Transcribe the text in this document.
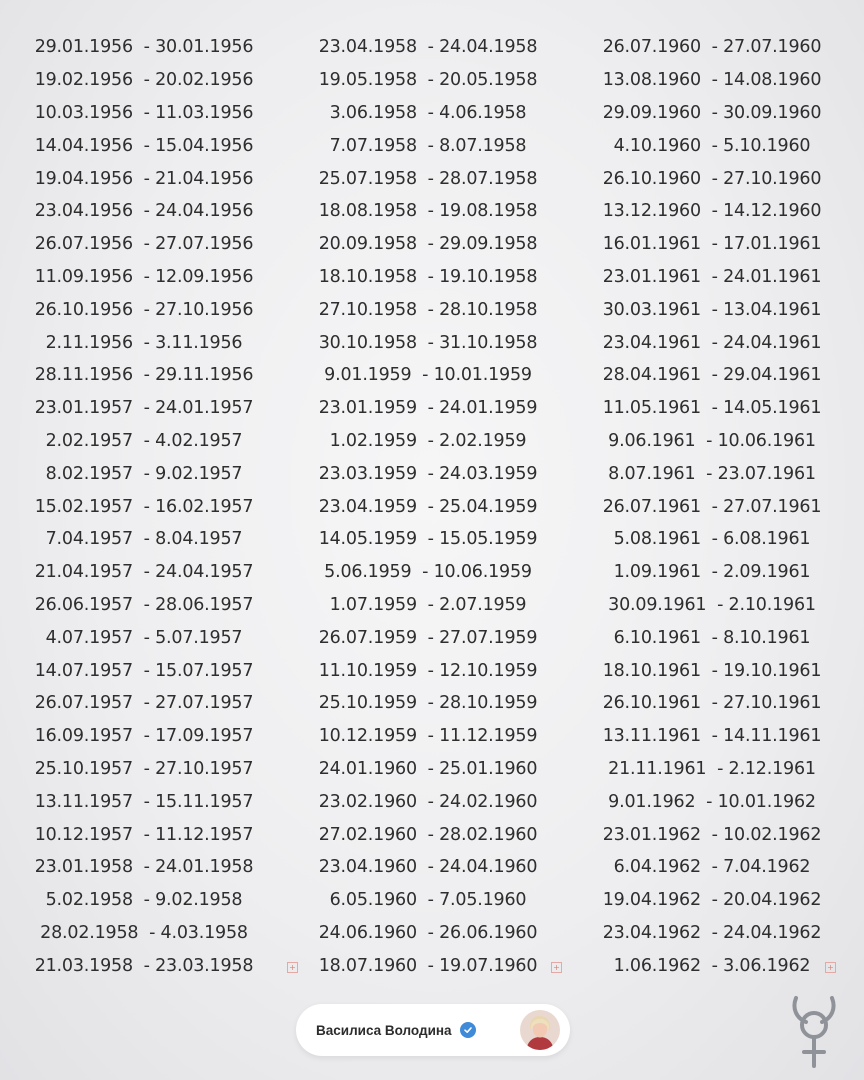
29.01.1956  - 30.01.1956
19.02.1956  - 20.02.1956
10.03.1956  - 11.03.1956
14.04.1956  - 15.04.1956
19.04.1956  - 21.04.1956
23.04.1956  - 24.04.1956
26.07.1956  - 27.07.1956
11.09.1956  - 12.09.1956
26.10.1956  - 27.10.1956
2.11.1956  - 3.11.1956
28.11.1956  - 29.11.1956
23.01.1957  - 24.01.1957
2.02.1957  - 4.02.1957
8.02.1957  - 9.02.1957
15.02.1957  - 16.02.1957
7.04.1957  - 8.04.1957
21.04.1957  - 24.04.1957
26.06.1957  - 28.06.1957
4.07.1957  - 5.07.1957
14.07.1957  - 15.07.1957
26.07.1957  - 27.07.1957
16.09.1957  - 17.09.1957
25.10.1957  - 27.10.1957
13.11.1957  - 15.11.1957
10.12.1957  - 11.12.1957
23.01.1958  - 24.01.1958
5.02.1958  - 9.02.1958
28.02.1958  - 4.03.1958
21.03.1958  - 23.03.1958
23.04.1958  - 24.04.1958
19.05.1958  - 20.05.1958
3.06.1958  - 4.06.1958
7.07.1958  - 8.07.1958
25.07.1958  - 28.07.1958
18.08.1958  - 19.08.1958
20.09.1958  - 29.09.1958
18.10.1958  - 19.10.1958
27.10.1958  - 28.10.1958
30.10.1958  - 31.10.1958
9.01.1959  - 10.01.1959
23.01.1959  - 24.01.1959
1.02.1959  - 2.02.1959
23.03.1959  - 24.03.1959
23.04.1959  - 25.04.1959
14.05.1959  - 15.05.1959
5.06.1959  - 10.06.1959
1.07.1959  - 2.07.1959
26.07.1959  - 27.07.1959
11.10.1959  - 12.10.1959
25.10.1959  - 28.10.1959
10.12.1959  - 11.12.1959
24.01.1960  - 25.01.1960
23.02.1960  - 24.02.1960
27.02.1960  - 28.02.1960
23.04.1960  - 24.04.1960
6.05.1960  - 7.05.1960
24.06.1960  - 26.06.1960
18.07.1960  - 19.07.1960
26.07.1960  - 27.07.1960
13.08.1960  - 14.08.1960
29.09.1960  - 30.09.1960
4.10.1960  - 5.10.1960
26.10.1960  - 27.10.1960
13.12.1960  - 14.12.1960
16.01.1961  - 17.01.1961
23.01.1961  - 24.01.1961
30.03.1961  - 13.04.1961
23.04.1961  - 24.04.1961
28.04.1961  - 29.04.1961
11.05.1961  - 14.05.1961
9.06.1961  - 10.06.1961
8.07.1961  - 23.07.1961
26.07.1961  - 27.07.1961
5.08.1961  - 6.08.1961
1.09.1961  - 2.09.1961
30.09.1961  - 2.10.1961
6.10.1961  - 8.10.1961
18.10.1961  - 19.10.1961
26.10.1961  - 27.10.1961
13.11.1961  - 14.11.1961
21.11.1961  - 2.12.1961
9.01.1962  - 10.01.1962
23.01.1962  - 10.02.1962
6.04.1962  - 7.04.1962
19.04.1962  - 20.04.1962
23.04.1962  - 24.04.1962
1.06.1962  - 3.06.1962
+	+	+
Василиса Володина
